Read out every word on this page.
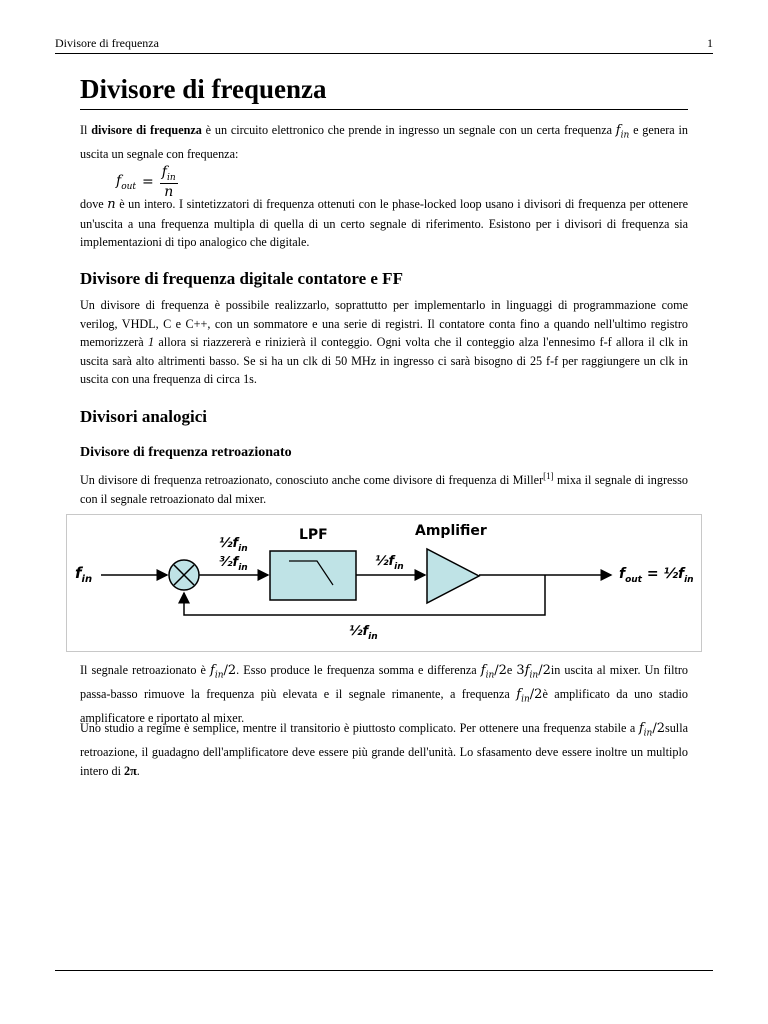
Divisore di frequenza	1
Divisore di frequenza

Il divisore di frequenza è un circuito elettronico che prende in ingresso un segnale con un certa frequenza $f_{in}$ e genera in uscita un segnale con frequenza:

$f_{out} = \frac{f_{in}}{n}$

dove n è un intero. I sintetizzatori di frequenza ottenuti con le phase-locked loop usano i divisori di frequenza per ottenere un'uscita a una frequenza multipla di quella di un certo segnale di riferimento. Esistono per i divisori di frequenza sia implementazioni di tipo analogico che digitale.

Divisore di frequenza digitale contatore e FF

Un divisore di frequenza è possibile realizzarlo, soprattutto per implementarlo in linguaggi di programmazione come verilog, VHDL, C e C++, con un sommatore e una serie di registri. Il contatore conta fino a quando nell'ultimo registro memorizzerà 1 allora si riazzererà e rinizierà il conteggio. Ogni volta che il conteggio alza l'ennesimo f-f allora il clk in uscita sarà alto altrimenti basso. Se si ha un clk di 50 MHz in ingresso ci sarà bisogno di 25 f-f per raggiungere un clk in uscita con una frequenza di circa 1s.

Divisori analogici
Divisore di frequenza retroazionato

Un divisore di frequenza retroazionato, conosciuto anche come divisore di frequenza di Miller[1] mixa il segnale di ingresso con il segnale retroazionato dal mixer.

$f_{in}$
LPF	Amplifier
$\frac{1}{2}f_{in}$
$^3⁄_2f_{in}$	$\frac{1}{2}f_{in}$
$\frac{1}{2}f_{in}$
$f_{out}$ = $\frac{1}{2}f_{in}$

Il segnale retroazionato è $f_{in}/2$. Esso produce le frequenza somma e differenza $f_{in}/2e$ $3f_{in}/2in$ uscita al mixer. Un filtro passa-basso rimuove la frequenza più elevata e il segnale rimanente, a frequenza $f_{in}/2è$ amplificato da uno stadio amplificatore e riportato al mixer.

Uno studio a regime è semplice, mentre il transitorio è piuttosto complicato. Per ottenere una frequenza stabile a $f_{in}/2sulla$ retroazione, il guadagno dell'amplificatore deve essere più grande dell'unità. Lo sfasamento deve essere inoltre un multiplo intero di 2π.
